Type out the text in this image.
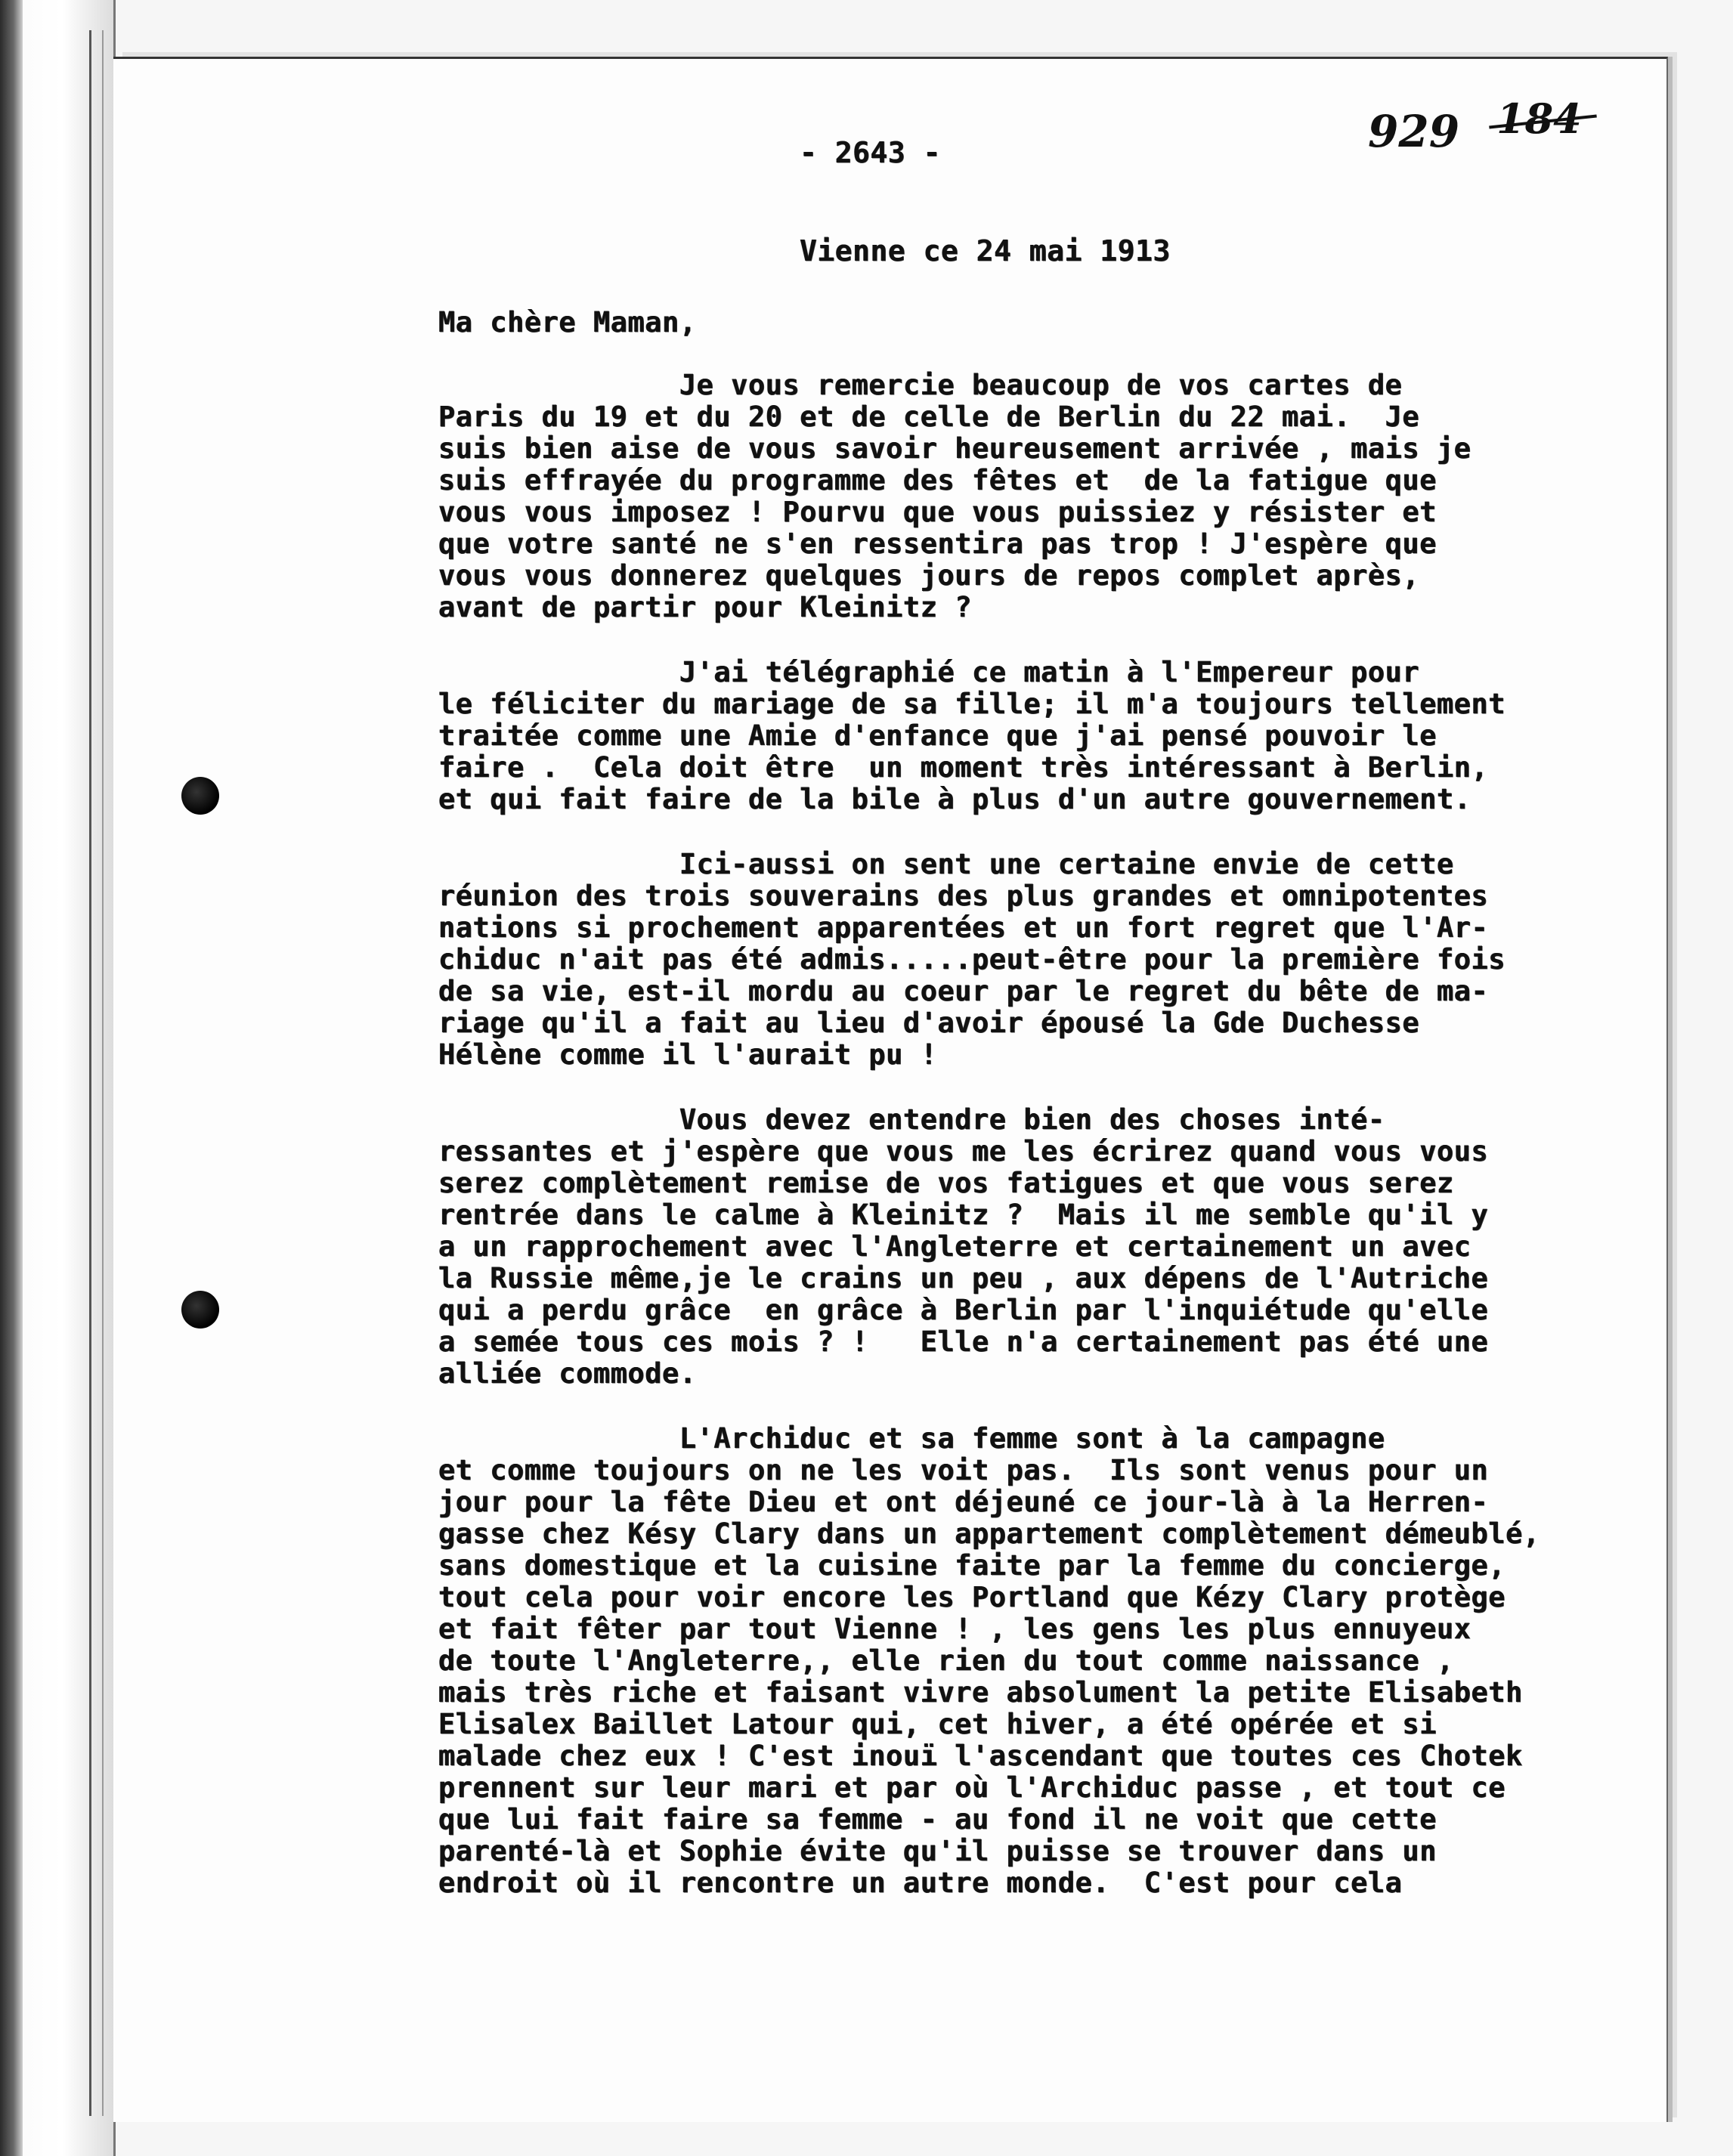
929 184
- 2643 -
Vienne ce 24 mai 1913
Ma chère Maman,
Je vous remercie beaucoup de vos cartes de
Paris du 19 et du 20 et de celle de Berlin du 22 mai.  Je
suis bien aise de vous savoir heureusement arrivée , mais je
suis effrayée du programme des fêtes et  de la fatigue que
vous vous imposez ! Pourvu que vous puissiez y résister et
que votre santé ne s'en ressentira pas trop ! J'espère que
vous vous donnerez quelques jours de repos complet après,
avant de partir pour Kleinitz ?
J'ai télégraphié ce matin à l'Empereur pour
le féliciter du mariage de sa fille; il m'a toujours tellement
traitée comme une Amie d'enfance que j'ai pensé pouvoir le
faire .  Cela doit être  un moment très intéressant à Berlin,
et qui fait faire de la bile à plus d'un autre gouvernement.
Ici-aussi on sent une certaine envie de cette
réunion des trois souverains des plus grandes et omnipotentes
nations si prochement apparentées et un fort regret que l'Ar-
chiduc n'ait pas été admis.....peut-être pour la première fois
de sa vie, est-il mordu au coeur par le regret du bête de ma-
riage qu'il a fait au lieu d'avoir épousé la Gde Duchesse
Hélène comme il l'aurait pu !
Vous devez entendre bien des choses inté-
ressantes et j'espère que vous me les écrirez quand vous vous
serez complètement remise de vos fatigues et que vous serez
rentrée dans le calme à Kleinitz ?  Mais il me semble qu'il y
a un rapprochement avec l'Angleterre et certainement un avec
la Russie même,je le crains un peu , aux dépens de l'Autriche
qui a perdu grâce  en grâce à Berlin par l'inquiétude qu'elle
a semée tous ces mois ? !   Elle n'a certainement pas été une
alliée commode.
L'Archiduc et sa femme sont à la campagne
et comme toujours on ne les voit pas.  Ils sont venus pour un
jour pour la fête Dieu et ont déjeuné ce jour-là à la Herren-
gasse chez Késy Clary dans un appartement complètement démeublé,
sans domestique et la cuisine faite par la femme du concierge,
tout cela pour voir encore les Portland que Kézy Clary protège
et fait fêter par tout Vienne ! , les gens les plus ennuyeux
de toute l'Angleterre,, elle rien du tout comme naissance ,
mais très riche et faisant vivre absolument la petite Elisabeth
Elisalex Baillet Latour qui, cet hiver, a été opérée et si
malade chez eux ! C'est inouï l'ascendant que toutes ces Chotek
prennent sur leur mari et par où l'Archiduc passe , et tout ce
que lui fait faire sa femme - au fond il ne voit que cette
parenté-là et Sophie évite qu'il puisse se trouver dans un
endroit où il rencontre un autre monde.  C'est pour cela
